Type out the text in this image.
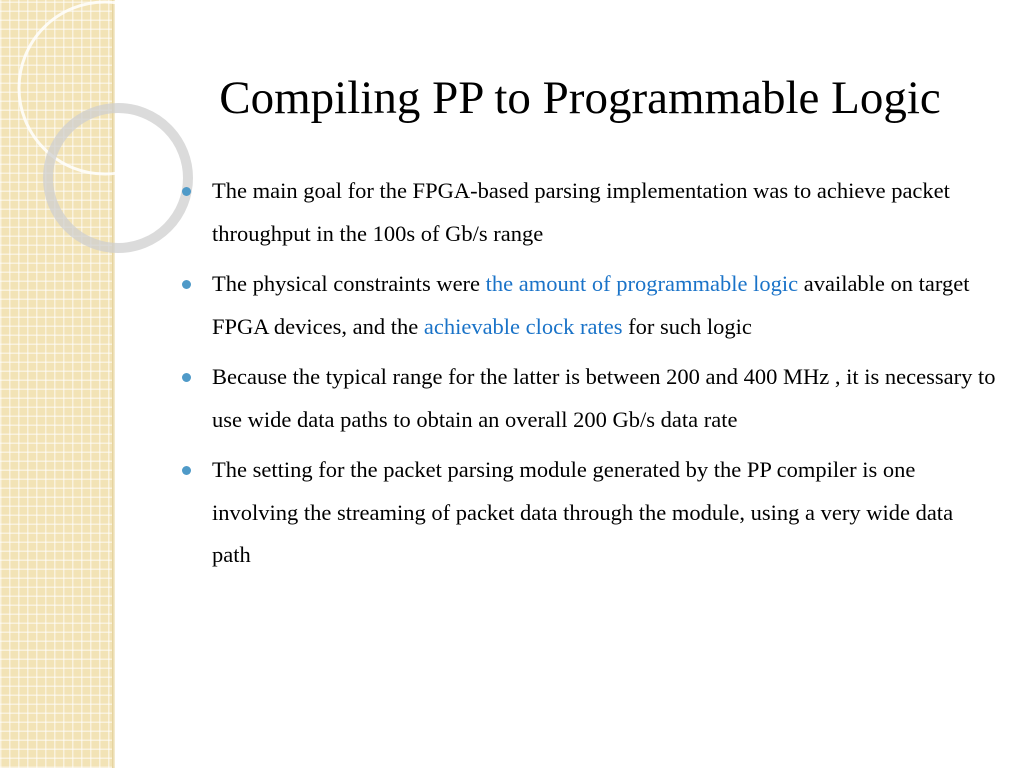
Compiling PP to Programmable Logic
The main goal for the FPGA-based parsing implementation was to achieve packet throughput in the 100s of Gb/s range
The physical constraints were the amount of programmable logic available on target FPGA devices, and the achievable clock rates for such logic
Because the typical range for the latter is between 200 and 400 MHz , it is necessary to use wide data paths to obtain an overall 200 Gb/s data rate
The setting for the packet parsing module generated by the PP compiler is one involving the streaming of packet data through the module, using a very wide data path
